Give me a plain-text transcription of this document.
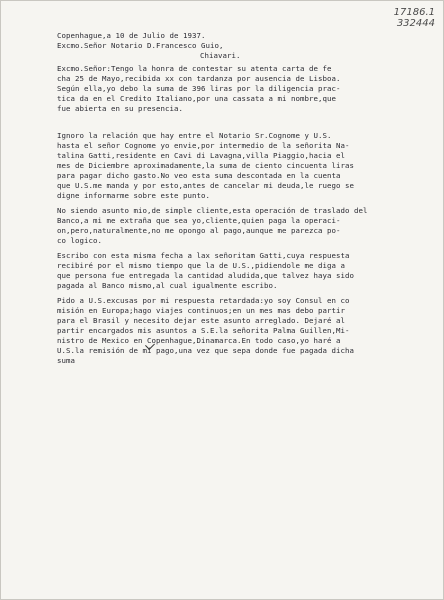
17186.1
332444
Copenhague,a 10 de Julio de 1937.
Excmo.Señor Notario D.Francesco Guio,
Chiavari.
Excmo.Señor:Tengo la honra de contestar su atenta carta de fe
cha 25 de Mayo,recibida xx con tardanza por ausencia de Lisboa.
Según ella,yo debo la suma de 396 liras por la diligencia prac-
tica da en el Credito Italiano,por una cassata a mi nombre,que
fue abierta en su presencia.
Ignoro la relación que hay entre el Notario Sr.Cognome y U.S.
hasta el señor Cognome yo envie,por intermedio de la señorita Na-
talina Gatti,residente en Cavi di Lavagna,villa Piaggio,hacia el
mes de Diciembre aproximadamente,la suma de ciento cincuenta liras
para pagar dicho gasto.No veo esta suma descontada en la cuenta
que U.S.me manda y por esto,antes de cancelar mi deuda,le ruego se
digne informarme sobre este punto.
No siendo asunto mio,de simple cliente,esta operación de traslado del
Banco,a mi me extraña que sea yo,cliente,quien paga la operaci-
on,pero,naturalmente,no me opongo al pago,aunque me parezca po-
co logico.
Escribo con esta misma fecha a lax señoritam Gatti,cuya respuesta
recibiré por el mismo tiempo que la de U.S.,pidiendole me diga a
que persona fue entregada la cantidad aludida,que talvez haya sido
pagada al Banco mismo,al cual igualmente escribo.
Pido a U.S.excusas por mi respuesta retardada:yo soy Consul en co
misión en Europa;hago viajes continuos;en un mes mas debo partir
para el Brasil y necesito dejar este asunto arreglado. Dejaré al
partir encargados mis asuntos a S.E.la señorita Palma Guillen,Mi-
nistro de Mexico en Copenhague,Dinamarca.En todo caso,yo haré a
U.S.la remisión de mi pago,una vez que sepa donde fue pagada dicha
suma
